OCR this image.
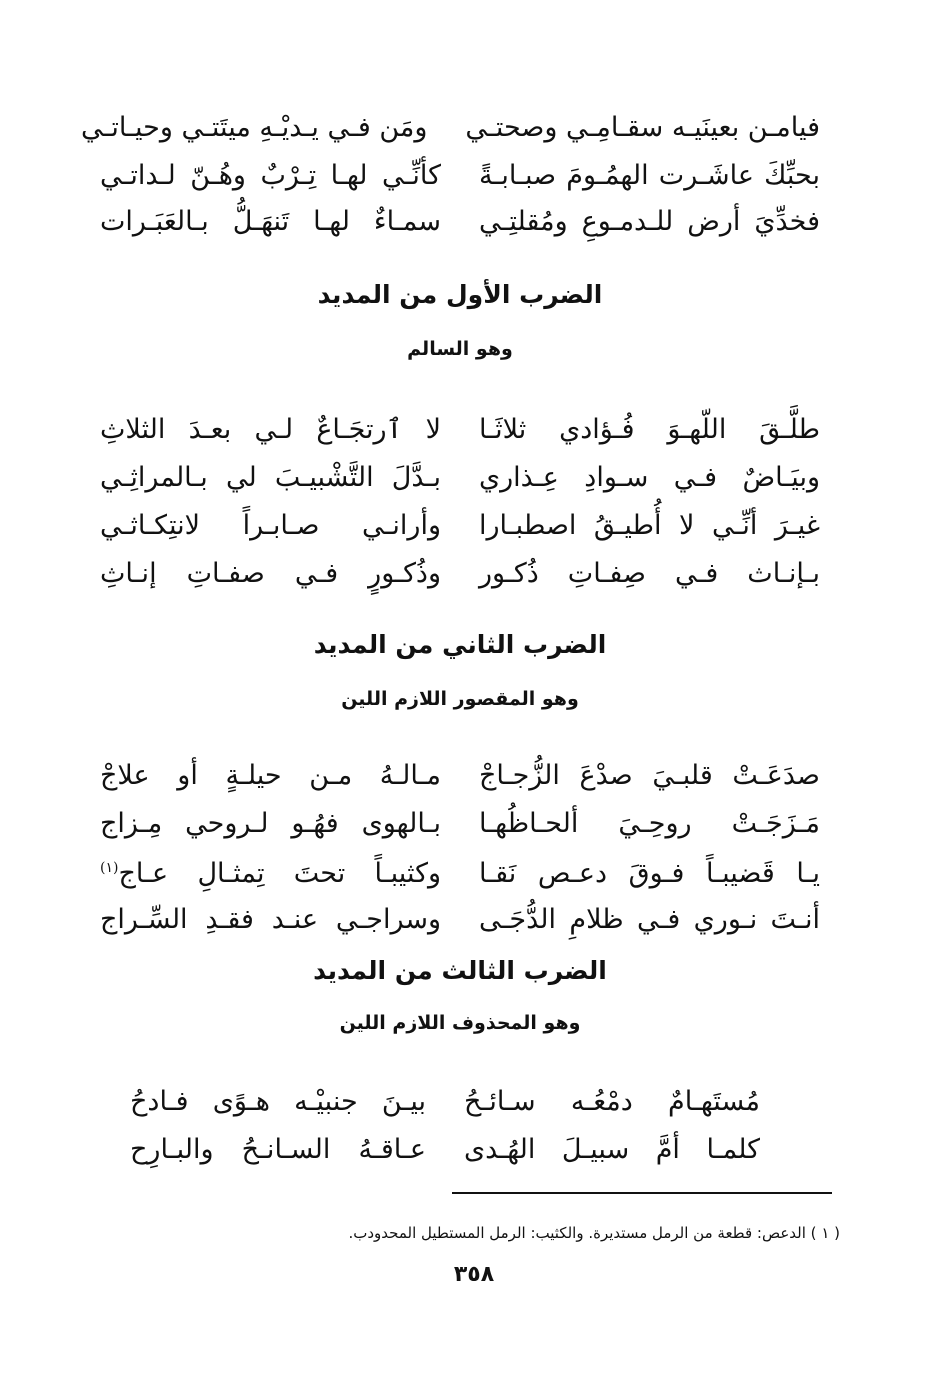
فيامـن بعينَيـه سقـامِـي وصحتـي
ومَن فـي يـديْـهِ ميتَتـي وحيـاتـي
بحبِّكَ عاشَـرت الهمُـومَ صبـابـةً
كأنِّـي لهـا تِـرْبٌ وهُـنّ لـداتـي
فخدِّيَ أرض للـدمـوعِ ومُقلتِـي
سمـاءٌ لهـا تَنهَـلُّ بـالعَبَـرات
الضرب الأول من المديد
وهو السالم
طلَّـقَ اللّهـوَ فُـؤادي ثلاثَـا
لا ٱرتجَـاعٌ لـي بعـدَ الثلاثِ
وبيَـاضٌ فـي سـوادِ عِـذاري
بـدَّلَ التَّشْبيـبَ لي بـالمراثِـي
غيـرَ أنِّـي لا أُطيـقُ اصطبـارا
وأرانـي صـابـراً لانتِكـاثـي
بـإنـاث فـي صِفـاتِ ذُكـور
وذُكـورٍ فـي صفـاتِ إنـاثِ
الضرب الثاني من المديد
وهو المقصور اللازم اللين
صدَعَـتْ قلبـيَ صدْعَ الزُّجـاجْ
مـالـهُ مـن حيلـةٍ أو علاجْ
مَـزَجَـتْ روحِـيَ ألحـاظُهـا
بـالهوى فهُـو لـروحي مِـزاج
يـا قَضيبـاً فـوقَ دعـص نَقـا
وكثيبـاً تحتَ تِمثـالِ عـاج$^{(١)}$
أنـتَ نـوري فـي ظلامِ الدُّجَـى
وسراجـي عنـد فقـدِ السِّـراج
الضرب الثالث من المديد
وهو المحذوف اللازم اللين
مُستَهـامٌ دمْعُـه سـائـحُ
بيـنَ جنبيْـه هـوًى فـادحُ
كلمـا أمَّ سبيـلَ الهُـدى
عـاقـهُ السـانـحُ والبـارِح
( ١ ) الدعص: قطعة من الرمل مستديرة. والكثيب: الرمل المستطيل المحدودب.
٣٥٨
